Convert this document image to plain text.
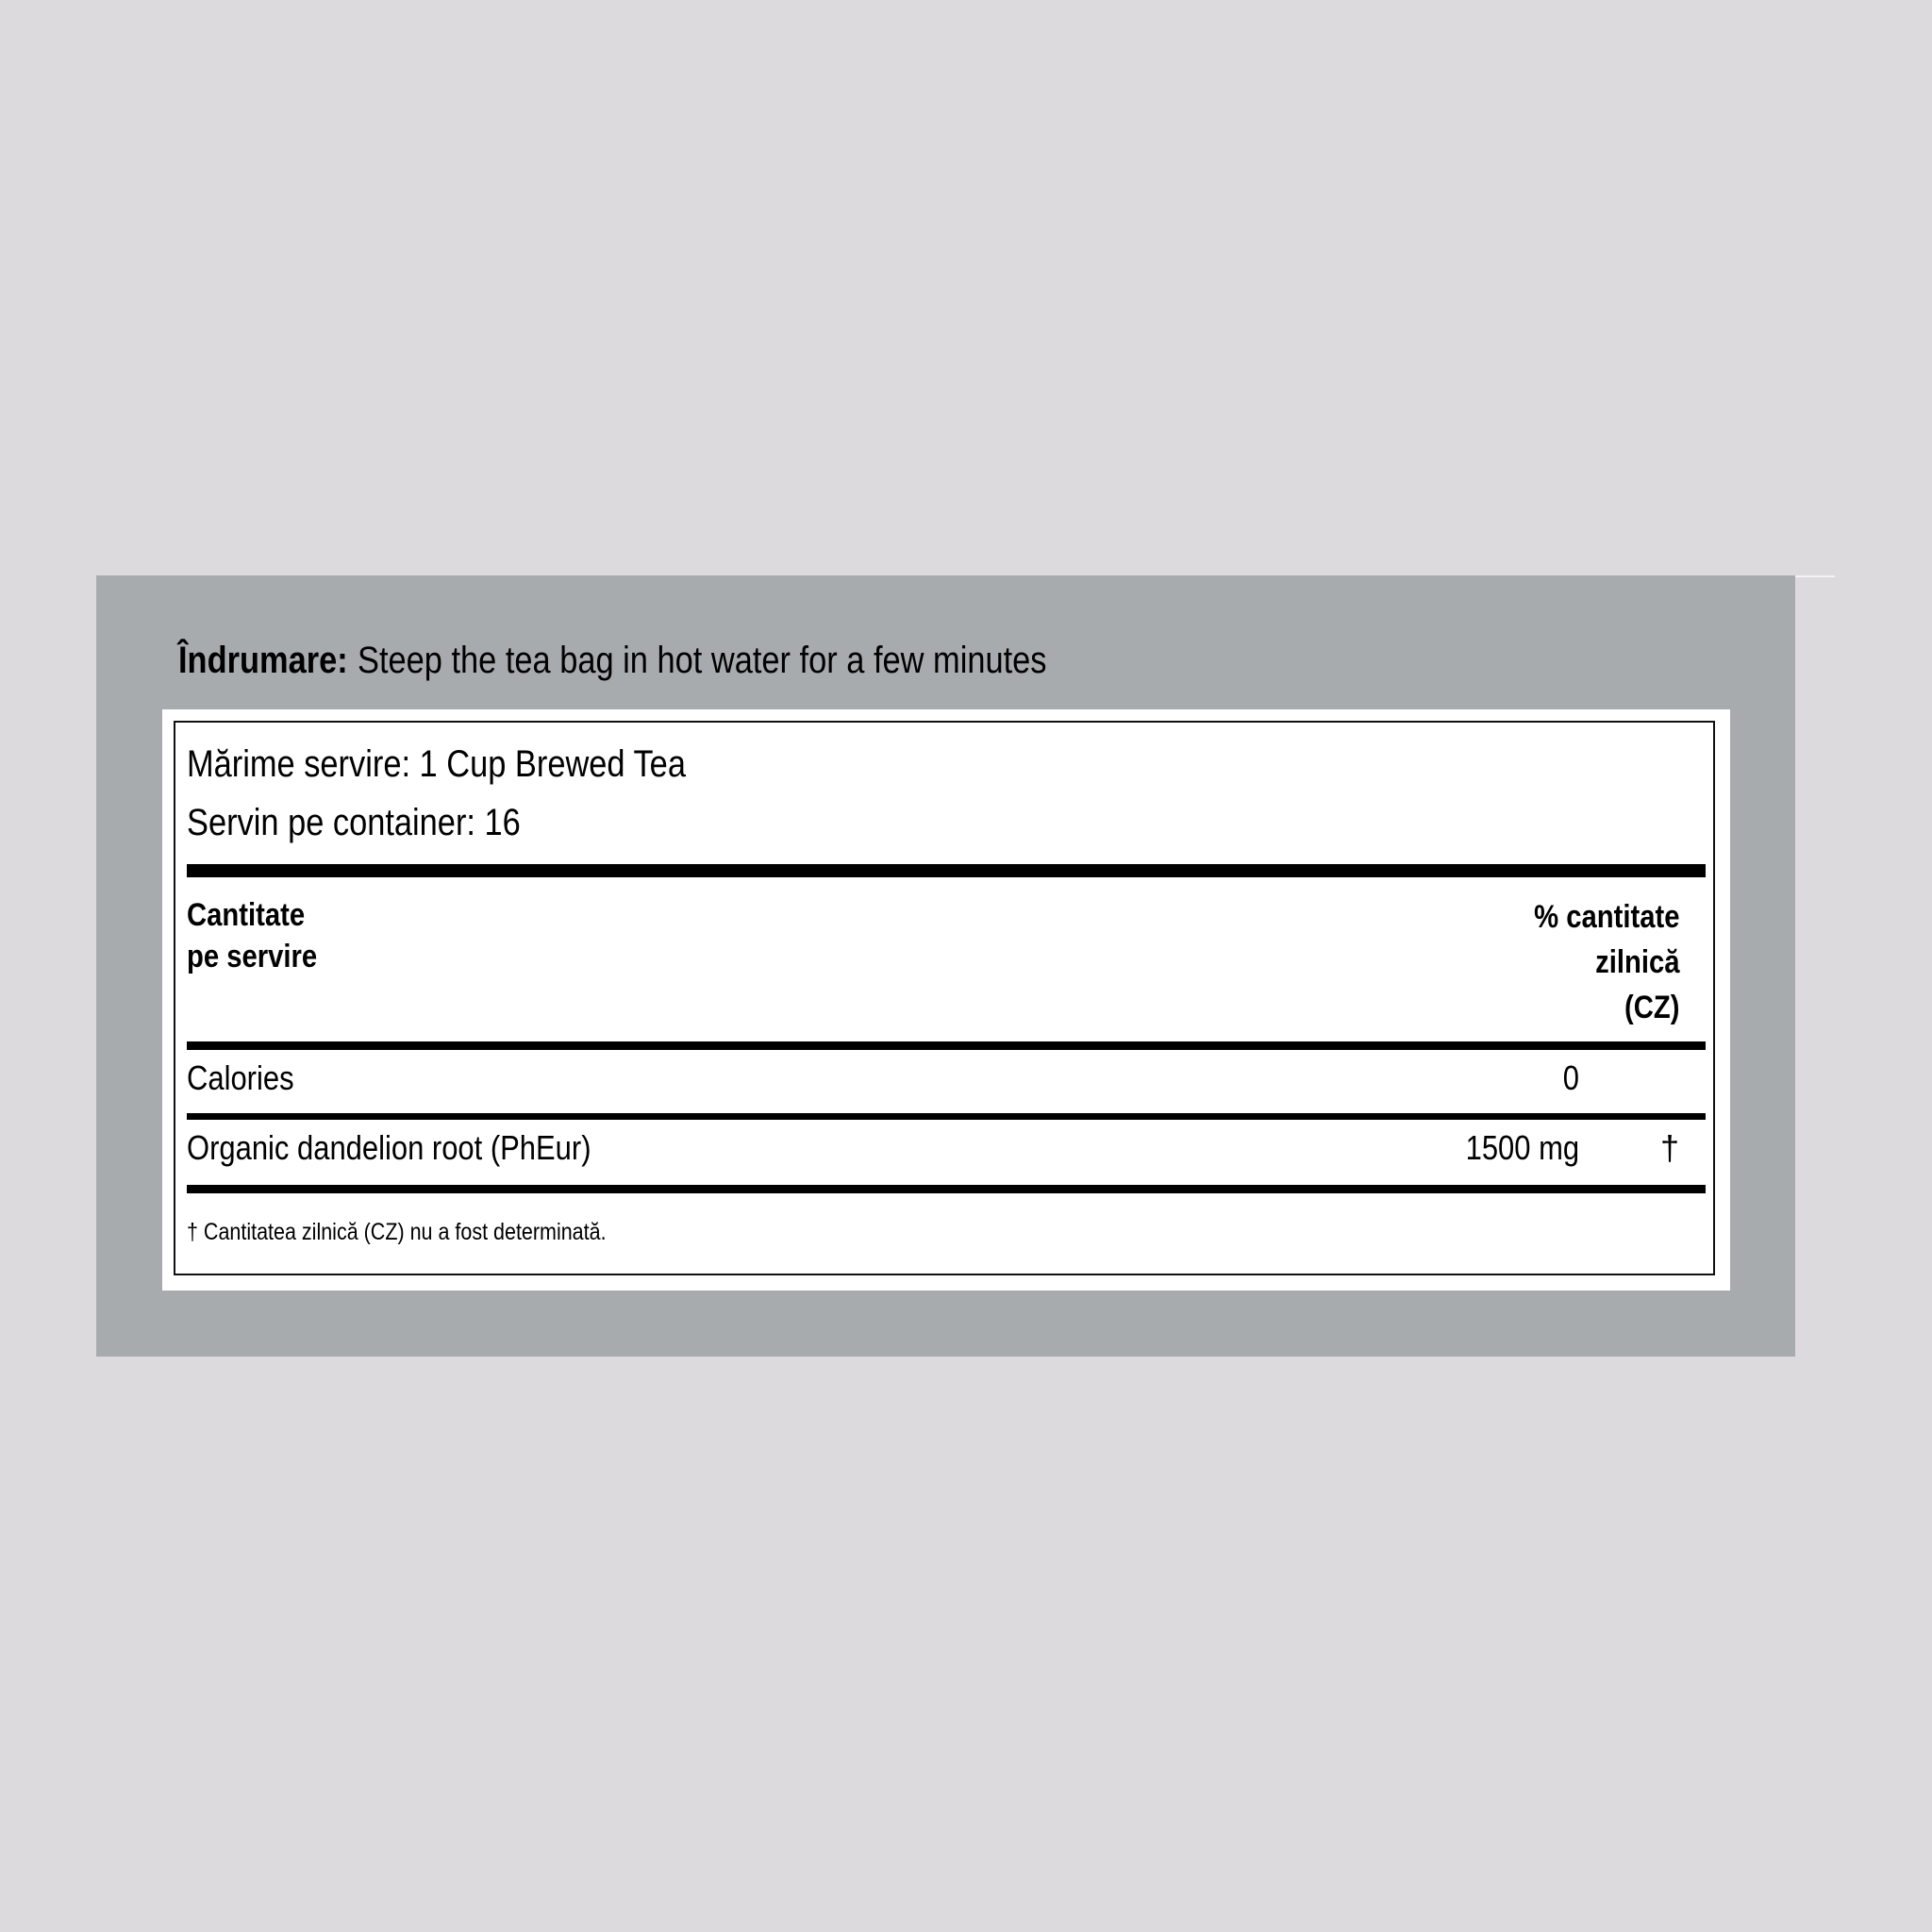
Îndrumare: Steep the tea bag in hot water for a few minutes
Mărime servire: 1 Cup Brewed Tea
Servin pe container: 16
Cantitate
pe servire
% cantitate
zilnică
(CZ)
Calories	0
Organic dandelion root (PhEur)	1500 mg †
† Cantitatea zilnică (CZ) nu a fost determinată.
